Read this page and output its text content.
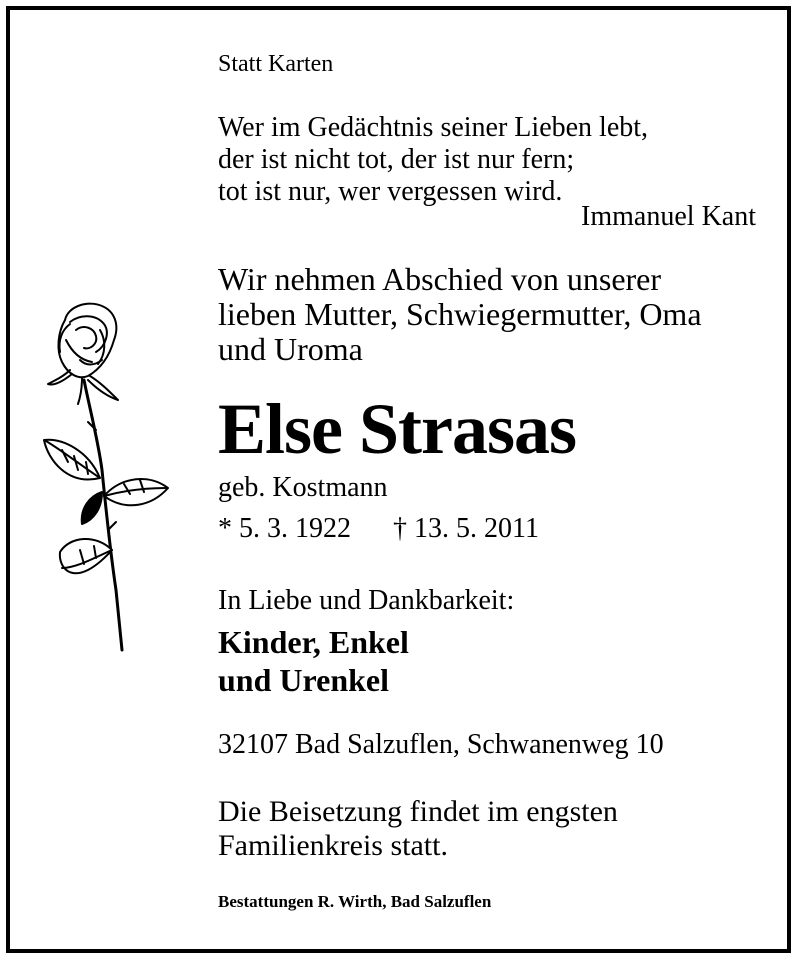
Statt Karten
Wer im Gedächtnis seiner Lieben lebt,
der ist nicht tot, der ist nur fern;
tot ist nur, wer vergessen wird.
Immanuel Kant
Wir nehmen Abschied von unserer
lieben Mutter, Schwiegermutter, Oma
und Uroma
Else Strasas
geb. Kostmann
* 5. 3. 1922 † 13. 5. 2011
In Liebe und Dankbarkeit:
Kinder, Enkel
und Urenkel
32107 Bad Salzuflen, Schwanenweg 10
Die Beisetzung findet im engsten
Familienkreis statt.
Bestattungen R. Wirth, Bad Salzuflen
